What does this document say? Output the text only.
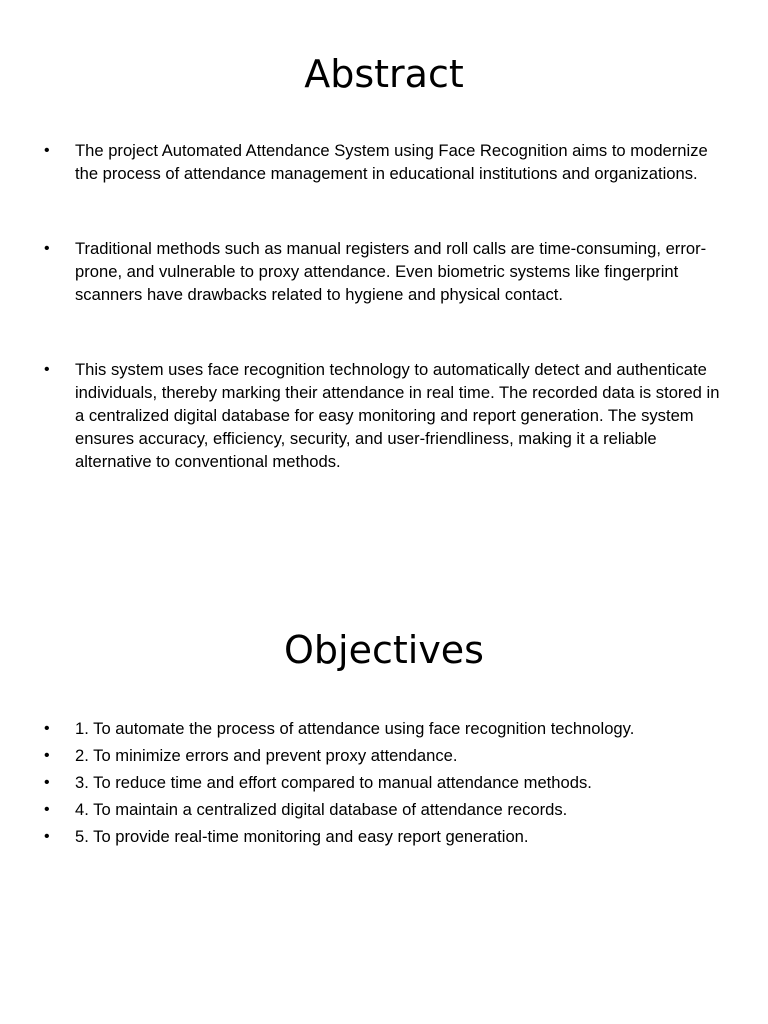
Abstract
• The project Automated Attendance System using Face Recognition aims to modernize the process of attendance management in educational institutions and organizations.
• Traditional methods such as manual registers and roll calls are time-consuming, error-prone, and vulnerable to proxy attendance. Even biometric systems like fingerprint scanners have drawbacks related to hygiene and physical contact.
• This system uses face recognition technology to automatically detect and authenticate individuals, thereby marking their attendance in real time. The recorded data is stored in a centralized digital database for easy monitoring and report generation. The system ensures accuracy, efficiency, security, and user-friendliness, making it a reliable alternative to conventional methods.
Objectives
• 1. To automate the process of attendance using face recognition technology.
• 2. To minimize errors and prevent proxy attendance.
• 3. To reduce time and effort compared to manual attendance methods.
• 4. To maintain a centralized digital database of attendance records.
• 5. To provide real-time monitoring and easy report generation.
